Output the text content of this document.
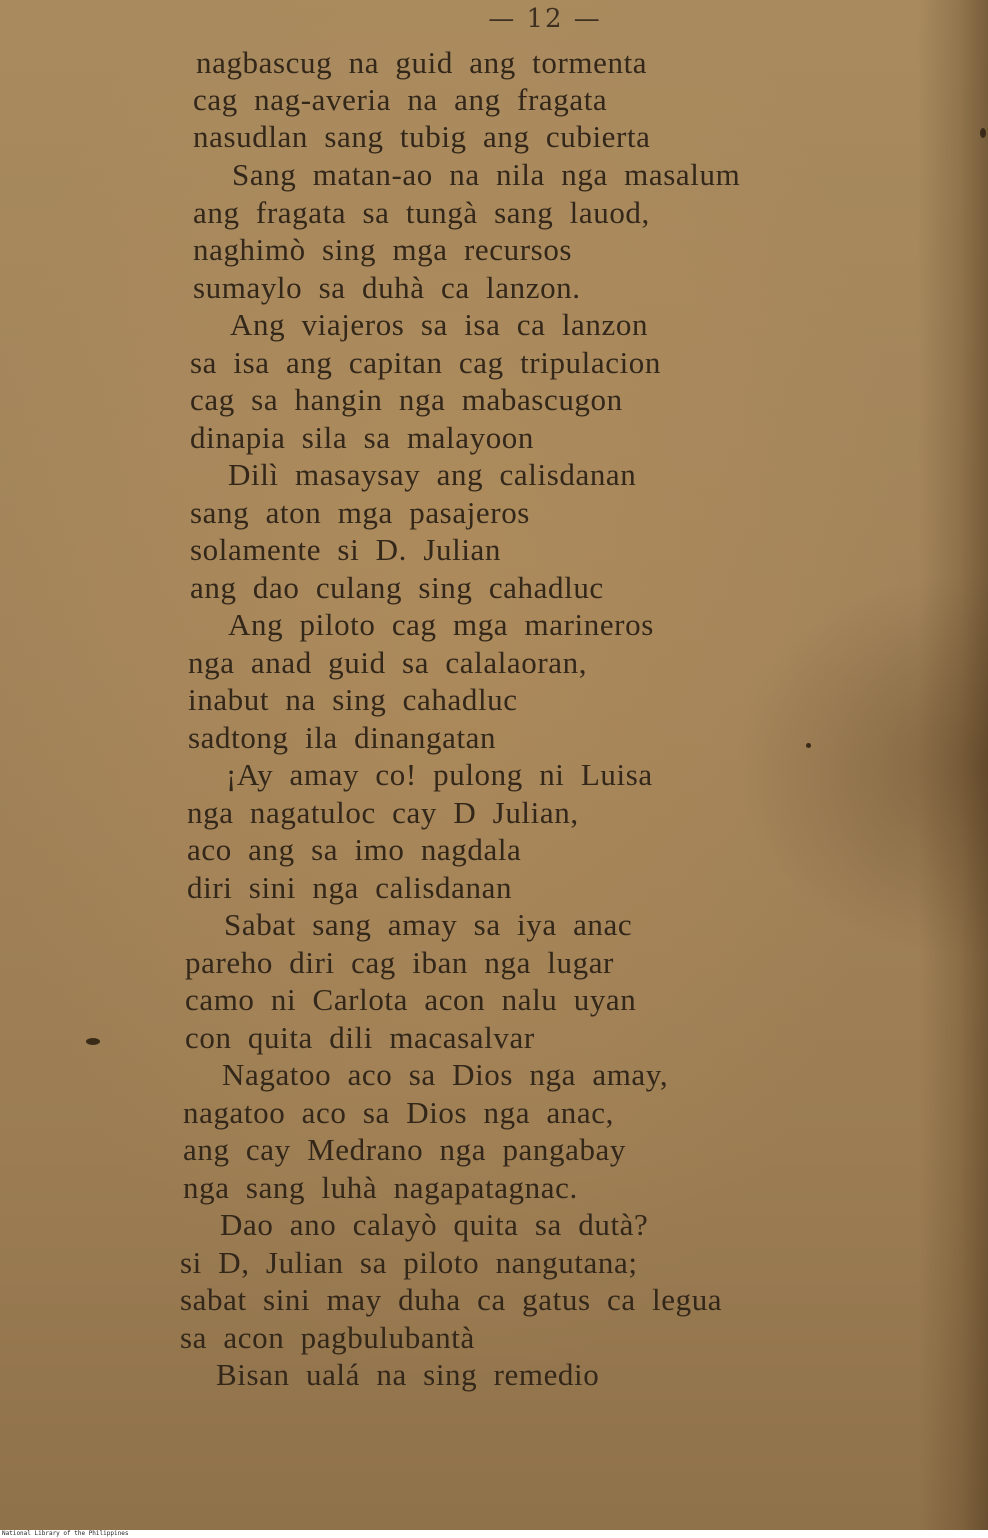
— 12 —
nagbascug na guid ang tormenta
cag nag-averia na ang fragata
nasudlan sang tubig ang cubierta
Sang matan-ao na nila nga masalum
ang fragata sa tungà sang lauod,
naghimò sing mga recursos
sumaylo sa duhà ca lanzon.
Ang viajeros sa isa ca lanzon
sa isa ang capitan cag tripulacion
cag sa hangin nga mabascugon
dinapia sila sa malayoon
Dilì masaysay ang calisdanan
sang aton mga pasajeros
solamente si D. Julian
ang dao culang sing cahadluc
Ang piloto cag mga marineros
nga anad guid sa calalaoran,
inabut na sing cahadluc
sadtong ila dinangatan
¡Ay amay co! pulong ni Luisa
nga nagatuloc cay D Julian,
aco ang sa imo nagdala
diri sini nga calisdanan
Sabat sang amay sa iya anac
pareho diri cag iban nga lugar
camo ni Carlota acon nalu uyan
con quita dili macasalvar
Nagatoo aco sa Dios nga amay,
nagatoo aco sa Dios nga anac,
ang cay Medrano nga pangabay
nga sang luhà nagapatagnac.
Dao ano calayò quita sa dutà?
si D, Julian sa piloto nangutana;
sabat sini may duha ca gatus ca legua
sa acon pagbulubantà
Bisan ualá na sing remedio
National Library of the Philippines
